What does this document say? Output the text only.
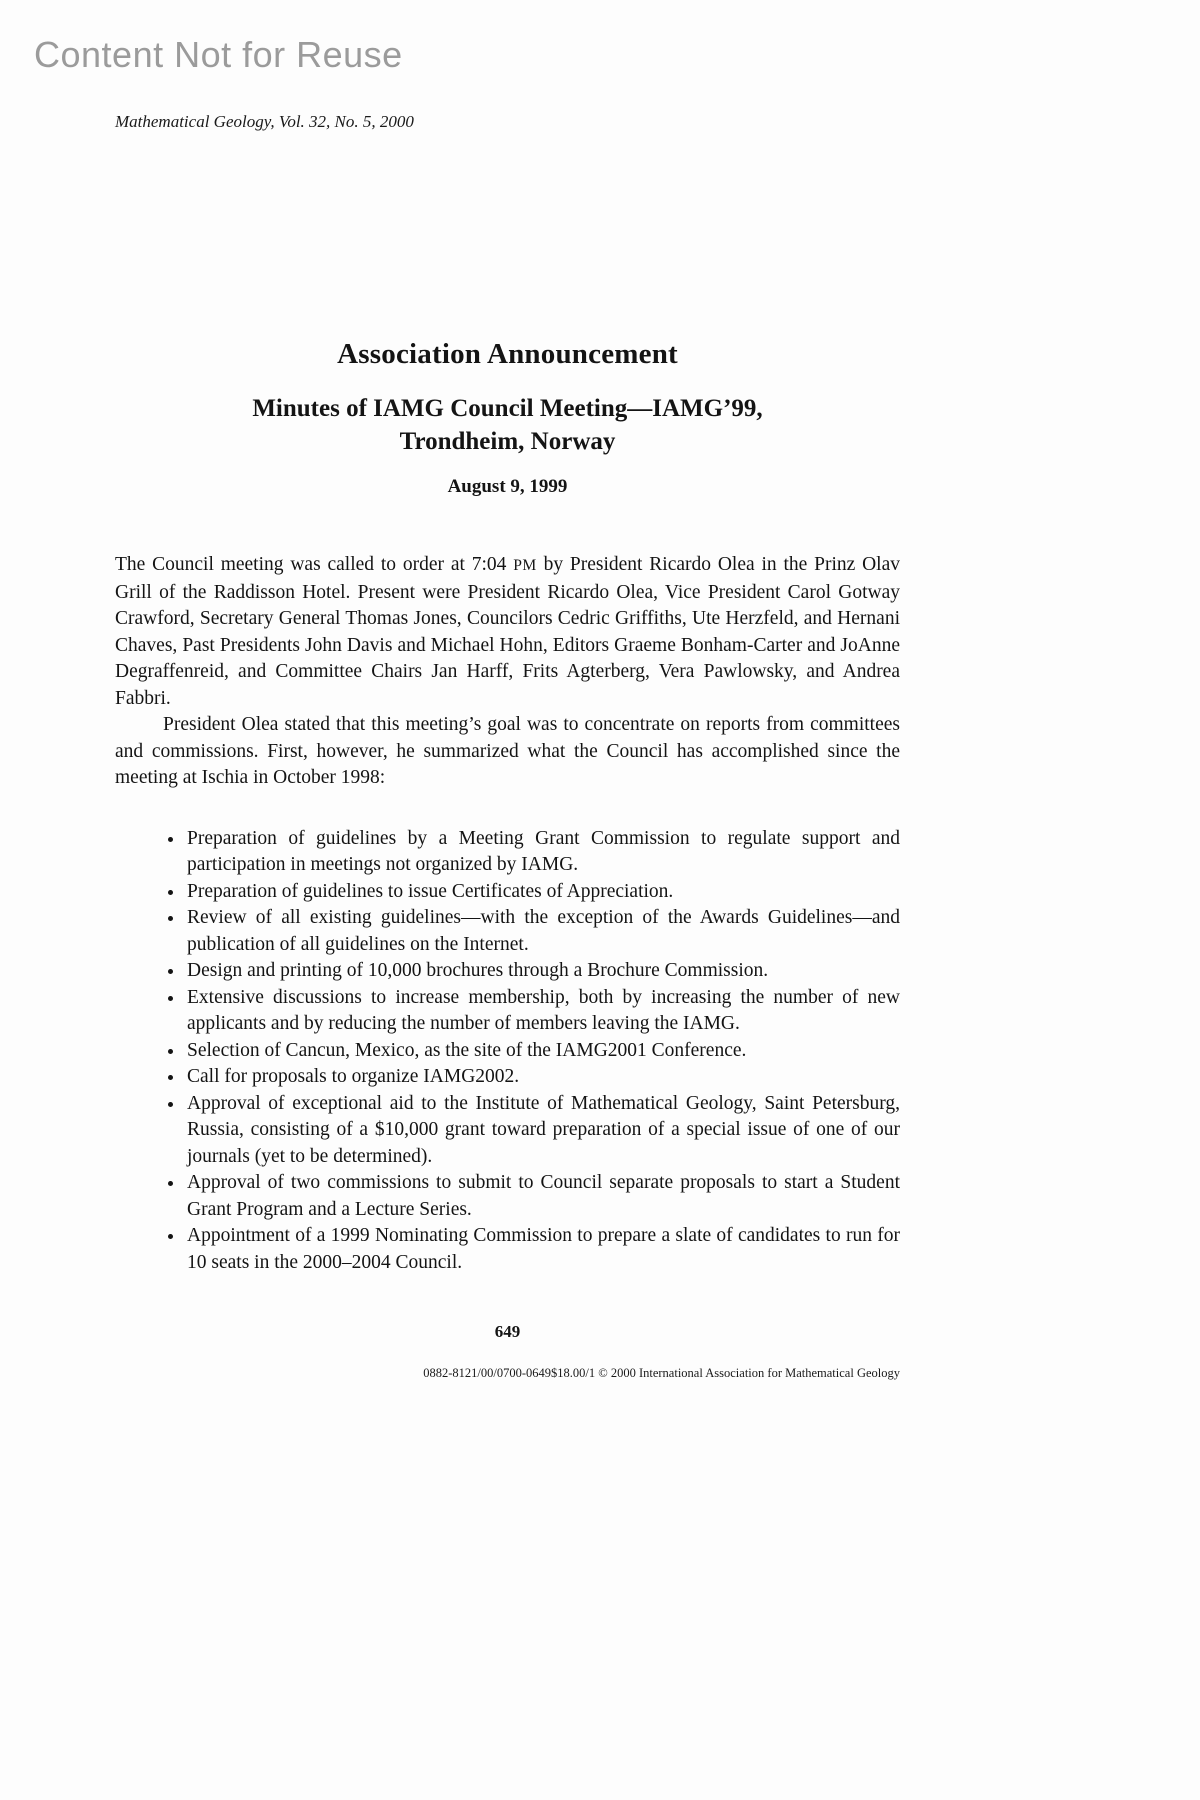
Content Not for Reuse
Mathematical Geology, Vol. 32, No. 5, 2000
Association Announcement
Minutes of IAMG Council Meeting—IAMG’99,
Trondheim, Norway
August 9, 1999

The Council meeting was called to order at 7:04 PM by President Ricardo Olea in the Prinz Olav Grill of the Raddisson Hotel. Present were President Ricardo Olea, Vice President Carol Gotway Crawford, Secretary General Thomas Jones, Councilors Cedric Griffiths, Ute Herzfeld, and Hernani Chaves, Past Presidents John Davis and Michael Hohn, Editors Graeme Bonham-Carter and JoAnne Degraffenreid, and Committee Chairs Jan Harff, Frits Agterberg, Vera Pawlowsky, and Andrea Fabbri.

President Olea stated that this meeting’s goal was to concentrate on reports from committees and commissions. First, however, he summarized what the Council has accomplished since the meeting at Ischia in October 1998:

• Preparation of guidelines by a Meeting Grant Commission to regulate support and participation in meetings not organized by IAMG.
• Preparation of guidelines to issue Certificates of Appreciation.
• Review of all existing guidelines—with the exception of the Awards Guidelines—and publication of all guidelines on the Internet.
• Design and printing of 10,000 brochures through a Brochure Commission.
• Extensive discussions to increase membership, both by increasing the number of new applicants and by reducing the number of members leaving the IAMG.
• Selection of Cancun, Mexico, as the site of the IAMG2001 Conference.
• Call for proposals to organize IAMG2002.
• Approval of exceptional aid to the Institute of Mathematical Geology, Saint Petersburg, Russia, consisting of a $10,000 grant toward preparation of a special issue of one of our journals (yet to be determined).
• Approval of two commissions to submit to Council separate proposals to start a Student Grant Program and a Lecture Series.
• Appointment of a 1999 Nominating Commission to prepare a slate of candidates to run for 10 seats in the 2000–2004 Council.
649
0882-8121/00/0700-0649$18.00/1 © 2000 International Association for Mathematical Geology
